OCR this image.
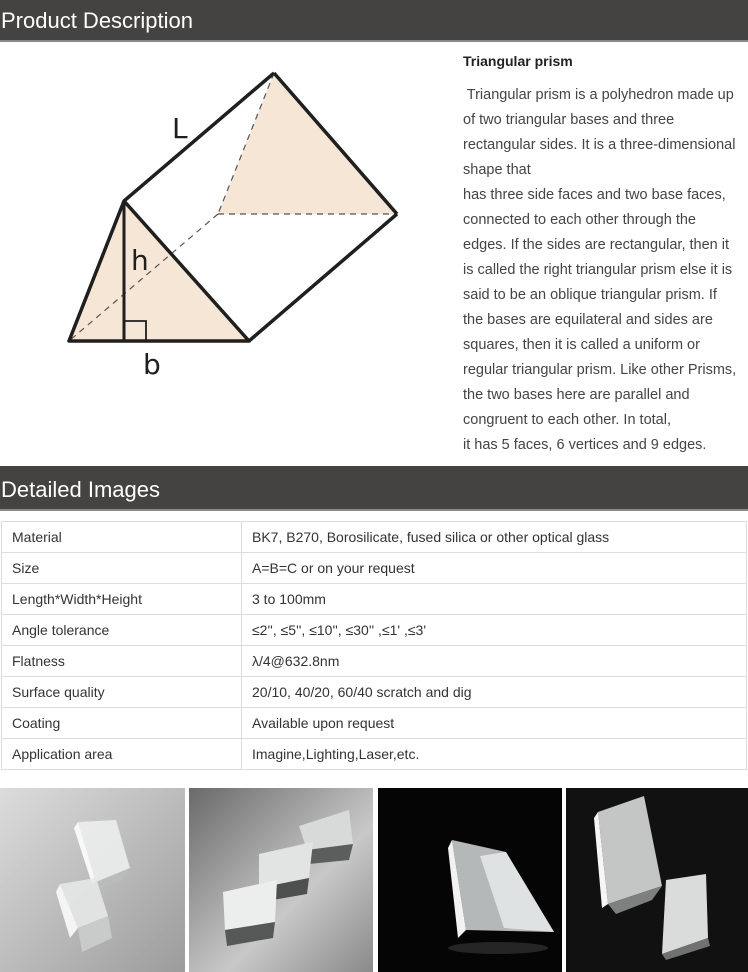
Product Description
L
h
b
Triangular prism
Triangular prism is a polyhedron made up
of two triangular bases and three
rectangular sides. It is a three-dimensional
shape that
has three side faces and two base faces,
connected to each other through the
edges. If the sides are rectangular, then it
is called the right triangular prism else it is
said to be an oblique triangular prism. If
the bases are equilateral and sides are
squares, then it is called a uniform or
regular triangular prism. Like other Prisms,
the two bases here are parallel and
congruent to each other. In total,
it has 5 faces, 6 vertices and 9 edges.
Detailed Images
Material	BK7, B270, Borosilicate, fused silica or other optical glass
Size	A=B=C or on your request
Length*Width*Height	3 to 100mm
Angle tolerance	≤2'', ≤5'', ≤10'', ≤30'' ,≤1' ,≤3'
Flatness	λ/4@632.8nm
Surface quality	20/10, 40/20, 60/40 scratch and dig
Coating	Available upon request
Application area	Imagine,Lighting,Laser,etc.
